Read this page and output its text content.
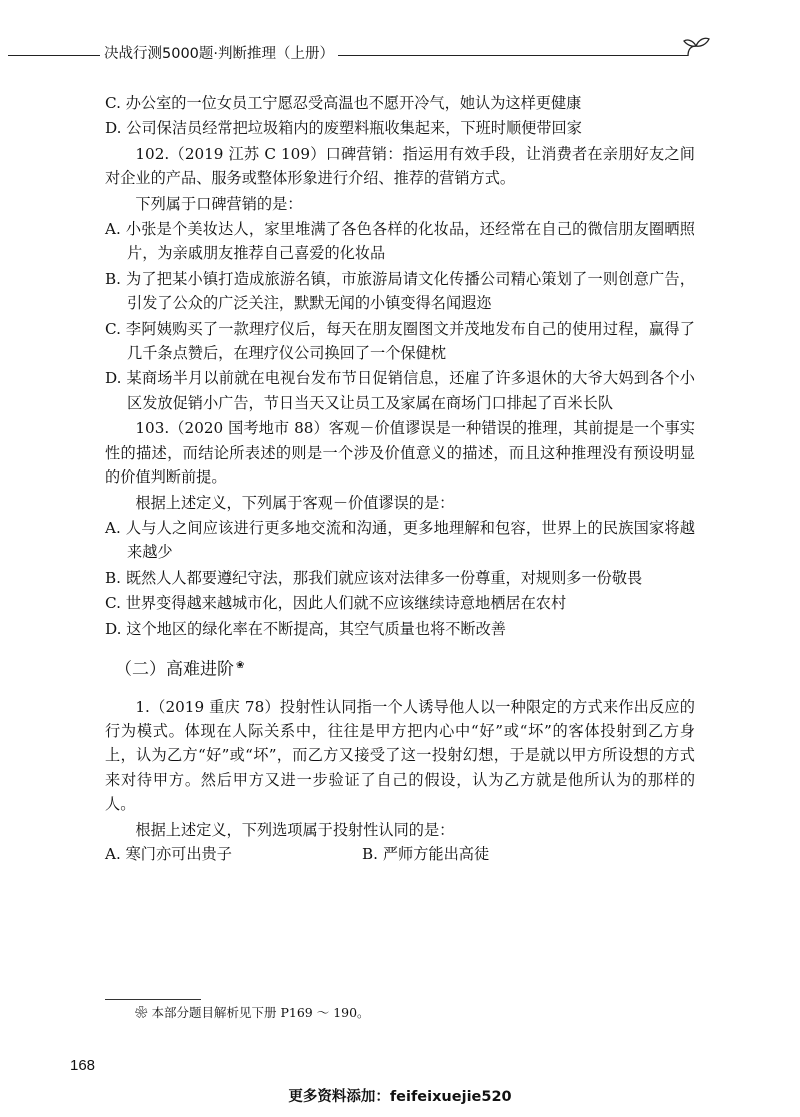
决战行测5000题·判断推理（上册）

C. 办公室的一位女员工宁愿忍受高温也不愿开冷气，她认为这样更健康

D. 公司保洁员经常把垃圾箱内的废塑料瓶收集起来，下班时顺便带回家

102.（2019 江苏 C 109）口碑营销：指运用有效手段，让消费者在亲朋好友之间对企业的产品、服务或整体形象进行介绍、推荐的营销方式。

下列属于口碑营销的是：

A. 小张是个美妆达人，家里堆满了各色各样的化妆品，还经常在自己的微信朋友圈晒照片，为亲戚朋友推荐自己喜爱的化妆品

B. 为了把某小镇打造成旅游名镇，市旅游局请文化传播公司精心策划了一则创意广告，引发了公众的广泛关注，默默无闻的小镇变得名闻遐迩

C. 李阿姨购买了一款理疗仪后，每天在朋友圈图文并茂地发布自己的使用过程，赢得了几千条点赞后，在理疗仪公司换回了一个保健枕

D. 某商场半月以前就在电视台发布节日促销信息，还雇了许多退休的大爷大妈到各个小区发放促销小广告，节日当天又让员工及家属在商场门口排起了百米长队

103.（2020 国考地市 88）客观－价值谬误是一种错误的推理，其前提是一个事实性的描述，而结论所表述的则是一个涉及价值意义的描述，而且这种推理没有预设明显的价值判断前提。

根据上述定义，下列属于客观－价值谬误的是：

A. 人与人之间应该进行更多地交流和沟通，更多地理解和包容，世界上的民族国家将越来越少

B. 既然人人都要遵纪守法，那我们就应该对法律多一份尊重，对规则多一份敬畏

C. 世界变得越来越城市化，因此人们就不应该继续诗意地栖居在农村

D. 这个地区的绿化率在不断提高，其空气质量也将不断改善

（二）高难进阶 ❀

1.（2019 重庆 78）投射性认同指一个人诱导他人以一种限定的方式来作出反应的行为模式。体现在人际关系中，往往是甲方把内心中“好”或“坏”的客体投射到乙方身上，认为乙方“好”或“坏”，而乙方又接受了这一投射幻想，于是就以甲方所设想的方式来对待甲方。然后甲方又进一步验证了自己的假设，认为乙方就是他所认为的那样的人。

根据上述定义，下列选项属于投射性认同的是：

A. 寒门亦可出贵子	B. 严师方能出高徒

❀ 本部分题目解析见下册 P169 ～ 190。
168
更多资料添加：feifeixuejie520
